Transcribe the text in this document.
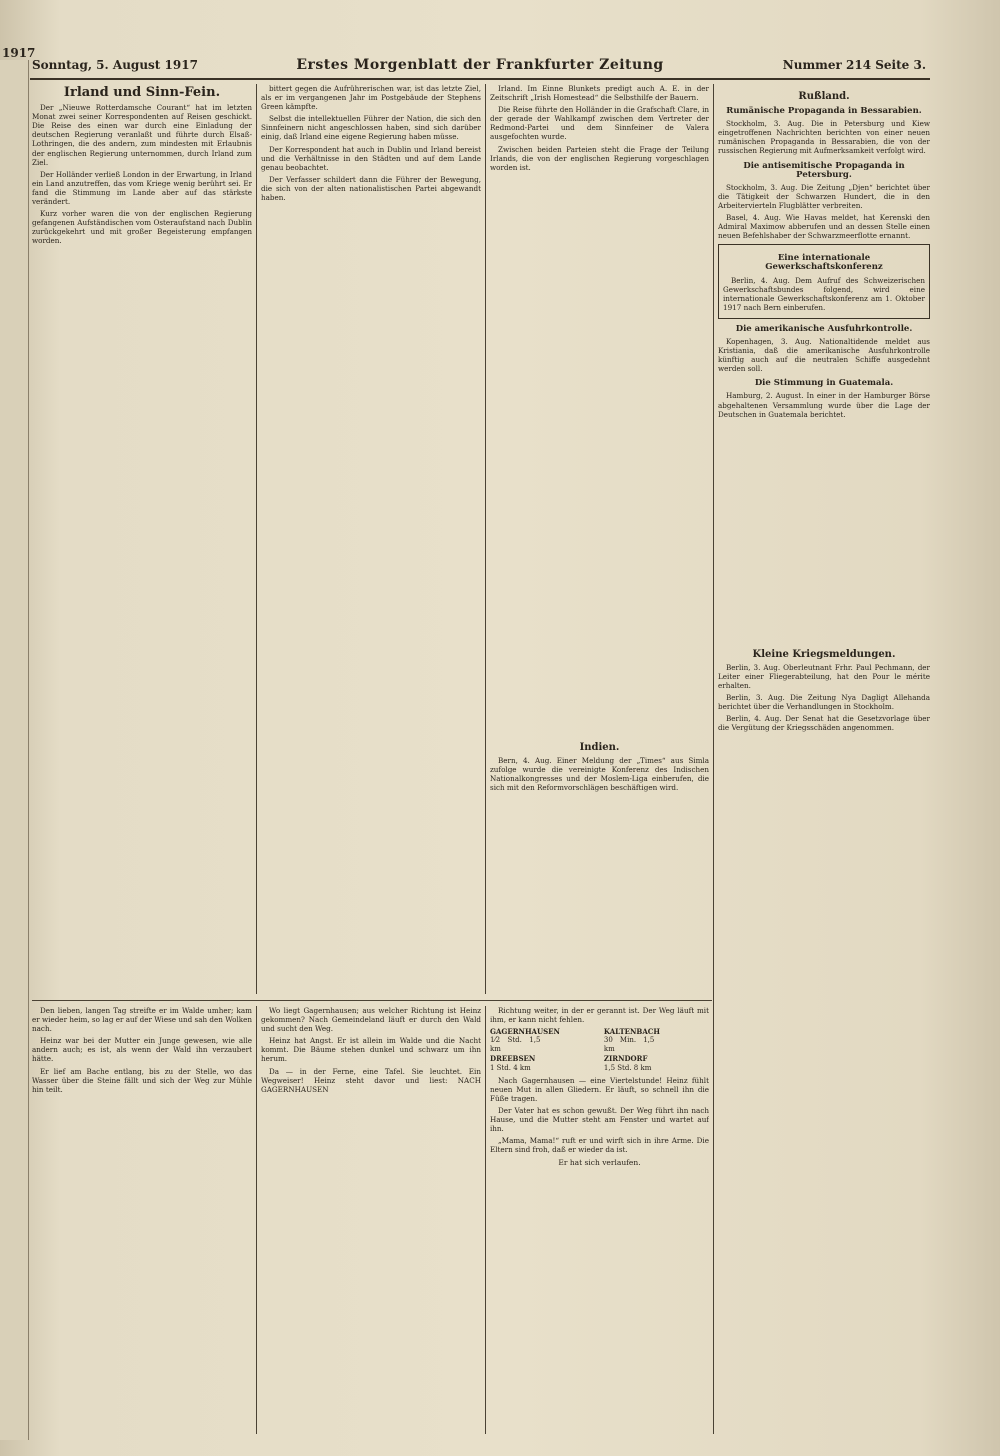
1917
Sonntag, 5. August 1917	Erstes Morgenblatt der Frankfurter Zeitung	Nummer 214 Seite 3.
Irland und Sinn-Fein.

Der „Nieuwe Rotterdamsche Courant“ hat im letzten Monat zwei seiner Korrespondenten auf Reisen geschickt. Die Reise des einen war durch eine Einladung der deutschen Regierung veranlaßt und führte durch Elsaß-Lothringen, die des andern, zum mindesten mit Erlaubnis der englischen Regierung unternommen, durch Irland zum Ziel.

Der Holländer verließ London in der Erwartung, in Irland ein Land anzutreffen, das vom Kriege wenig berührt sei. Er fand die Stimmung im Lande aber auf das stärkste verändert.

Kurz vorher waren die von der englischen Regierung gefangenen Aufständischen vom Osteraufstand nach Dublin zurückgekehrt und mit großer Begeisterung empfangen worden.

bittert gegen die Aufrührerischen war, ist das letzte Ziel, als er im vergangenen Jahr im Postgebäude der Stephens Green kämpfte.

Selbst die intellektuellen Führer der Nation, die sich den Sinnfeinern nicht angeschlossen haben, sind sich darüber einig, daß Irland eine eigene Regierung haben müsse.

Der Korrespondent hat auch in Dublin und Irland bereist und die Verhältnisse in den Städten und auf dem Lande genau beobachtet.

Der Verfasser schildert dann die Führer der Bewegung, die sich von der alten nationalistischen Partei abgewandt haben.

Irland. Im Einne Blunkets predigt auch A. E. in der Zeitschrift „Irish Homestead“ die Selbsthilfe der Bauern.

Die Reise führte den Holländer in die Grafschaft Clare, in der gerade der Wahlkampf zwischen dem Vertreter der Redmond-Partei und dem Sinnfeiner de Valera ausgefochten wurde.

Zwischen beiden Parteien steht die Frage der Teilung Irlands, die von der englischen Regierung vorgeschlagen worden ist.

Indien.

Bern, 4. Aug. Einer Meldung der „Times“ aus Simla zufolge wurde die vereinigte Konferenz des Indischen Nationalkongresses und der Moslem-Liga einberufen, die sich mit den Reformvorschlägen beschäftigen wird.

Rußland.
Rumänische Propaganda in Bessarabien.

Stockholm, 3. Aug. Die in Petersburg und Kiew eingetroffenen Nachrichten berichten von einer neuen rumänischen Propaganda in Bessarabien, die von der russischen Regierung mit Aufmerksamkeit verfolgt wird.

Die antisemitische Propaganda in Petersburg.

Stockholm, 3. Aug. Die Zeitung „Djen“ berichtet über die Tätigkeit der Schwarzen Hundert, die in den Arbeitervierteln Flugblätter verbreiten.

Basel, 4. Aug. Wie Havas meldet, hat Kerenski den Admiral Maximow abberufen und an dessen Stelle einen neuen Befehlshaber der Schwarzmeerflotte ernannt.

Eine internationale Gewerkschaftskonferenz

Berlin, 4. Aug. Dem Aufruf des Schweizerischen Gewerkschaftsbundes folgend, wird eine internationale Gewerkschaftskonferenz am 1. Oktober 1917 nach Bern einberufen.

Die amerikanische Ausfuhrkontrolle.

Kopenhagen, 3. Aug. Nationaltidende meldet aus Kristiania, daß die amerikanische Ausfuhrkontrolle künftig auch auf die neutralen Schiffe ausgedehnt werden soll.

Die Stimmung in Guatemala.

Hamburg, 2. August. In einer in der Hamburger Börse abgehaltenen Versammlung wurde über die Lage der Deutschen in Guatemala berichtet.

Kleine Kriegsmeldungen.

Berlin, 3. Aug. Oberleutnant Frhr. Paul Pechmann, der Leiter einer Fliegerabteilung, hat den Pour le mérite erhalten.

Berlin, 3. Aug. Die Zeitung Nya Dagligt Allehanda berichtet über die Verhandlungen in Stockholm.

Berlin, 4. Aug. Der Senat hat die Gesetzvorlage über die Vergütung der Kriegsschäden angenommen.

Den lieben, langen Tag streifte er im Walde umher; kam er wieder heim, so lag er auf der Wiese und sah den Wolken nach.

Heinz war bei der Mutter ein Junge gewesen, wie alle andern auch; es ist, als wenn der Wald ihn verzaubert hätte.

Er lief am Bache entlang, bis zu der Stelle, wo das Wasser über die Steine fällt und sich der Weg zur Mühle hin teilt.

Wo liegt Gagernhausen; aus welcher Richtung ist Heinz gekommen? Nach Gemeindeland läuft er durch den Wald und sucht den Weg.

Heinz hat Angst. Er ist allein im Walde und die Nacht kommt. Die Bäume stehen dunkel und schwarz um ihn herum.

Da — in der Ferne, eine Tafel. Sie leuchtet. Ein Wegweiser! Heinz steht davor und liest: NACH GAGERNHAUSEN

Richtung weiter, in der er gerannt ist. Der Weg läuft mit ihm, er kann nicht fehlen.

GAGERNHAUSEN
1⁄2 Std. 1,5 km
DREEBSEN
1 Std. 4 km
KALTENBACH
30 Min. 1,5 km
ZIRNDORF
1,5 Std. 8 km

Nach Gagernhausen — eine Viertelstunde! Heinz fühlt neuen Mut in allen Gliedern. Er läuft, so schnell ihn die Füße tragen.

Der Vater hat es schon gewußt. Der Weg führt ihn nach Hause, und die Mutter steht am Fenster und wartet auf ihn.

„Mama, Mama!“ ruft er und wirft sich in ihre Arme. Die Eltern sind froh, daß er wieder da ist.

Er hat sich verlaufen.
